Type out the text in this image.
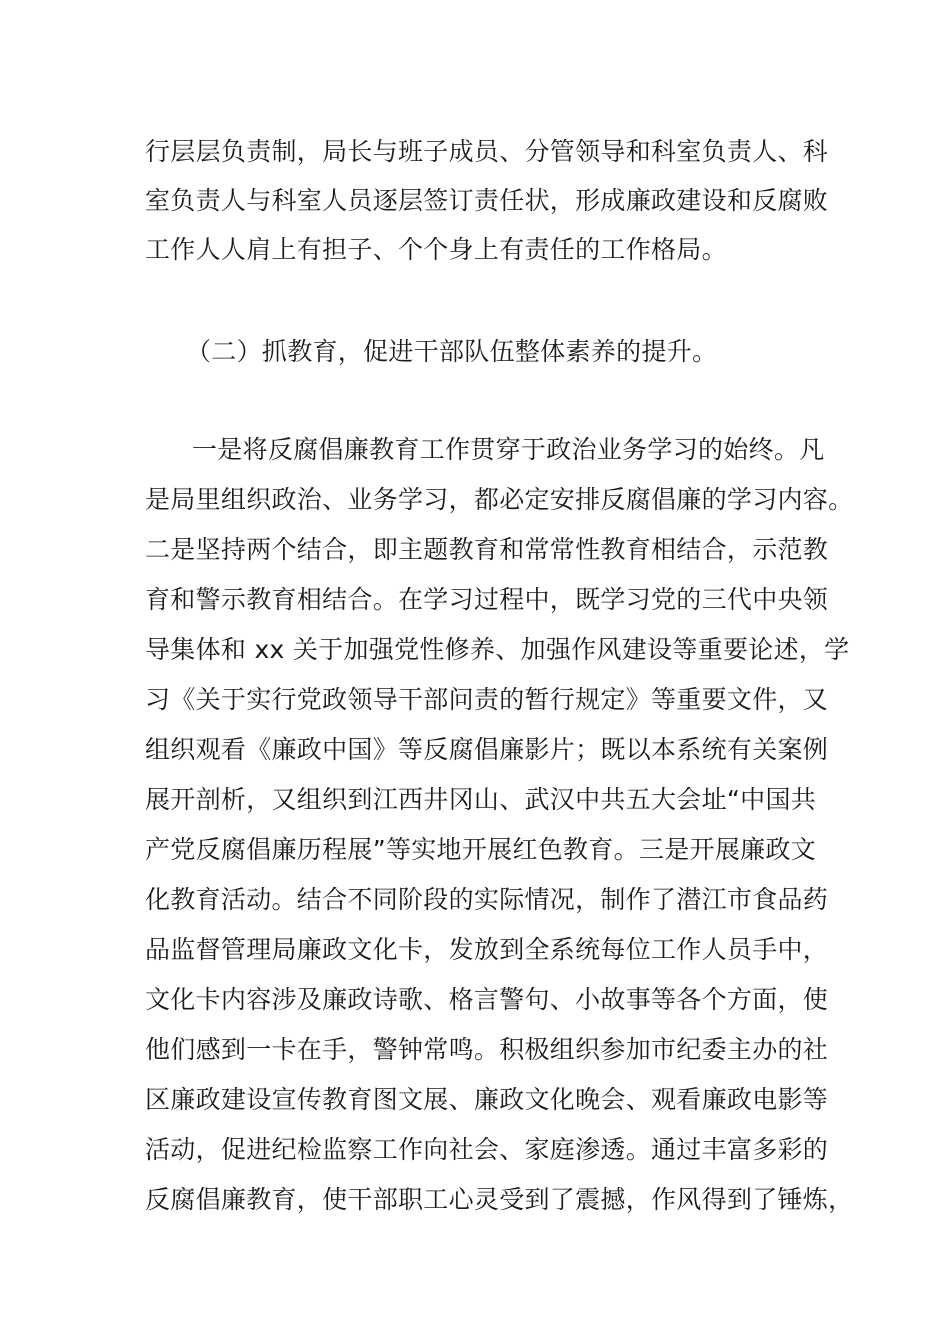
行层层负责制，局长与班子成员、分管领导和科室负责人、科
室负责人与科室人员逐层签订责任状，形成廉政建设和反腐败
工作人人肩上有担子、个个身上有责任的工作格局。
（二）抓教育，促进干部队伍整体素养的提升。
一是将反腐倡廉教育工作贯穿于政治业务学习的始终。凡
是局里组织政治、业务学习，都必定安排反腐倡廉的学习内容。
二是坚持两个结合，即主题教育和常常性教育相结合，示范教
育和警示教育相结合。在学习过程中，既学习党的三代中央领
导集体和 xx 关于加强党性修养、加强作风建设等重要论述，学
习《关于实行党政领导干部问责的暂行规定》等重要文件，又
组织观看《廉政中国》等反腐倡廉影片；既以本系统有关案例
展开剖析，又组织到江西井冈山、武汉中共五大会址“中国共
产党反腐倡廉历程展”等实地开展红色教育。三是开展廉政文
化教育活动。结合不同阶段的实际情况，制作了潜江市食品药
品监督管理局廉政文化卡，发放到全系统每位工作人员手中，
文化卡内容涉及廉政诗歌、格言警句、小故事等各个方面，使
他们感到一卡在手，警钟常鸣。积极组织参加市纪委主办的社
区廉政建设宣传教育图文展、廉政文化晚会、观看廉政电影等
活动，促进纪检监察工作向社会、家庭渗透。通过丰富多彩的
反腐倡廉教育，使干部职工心灵受到了震撼，作风得到了锤炼，
